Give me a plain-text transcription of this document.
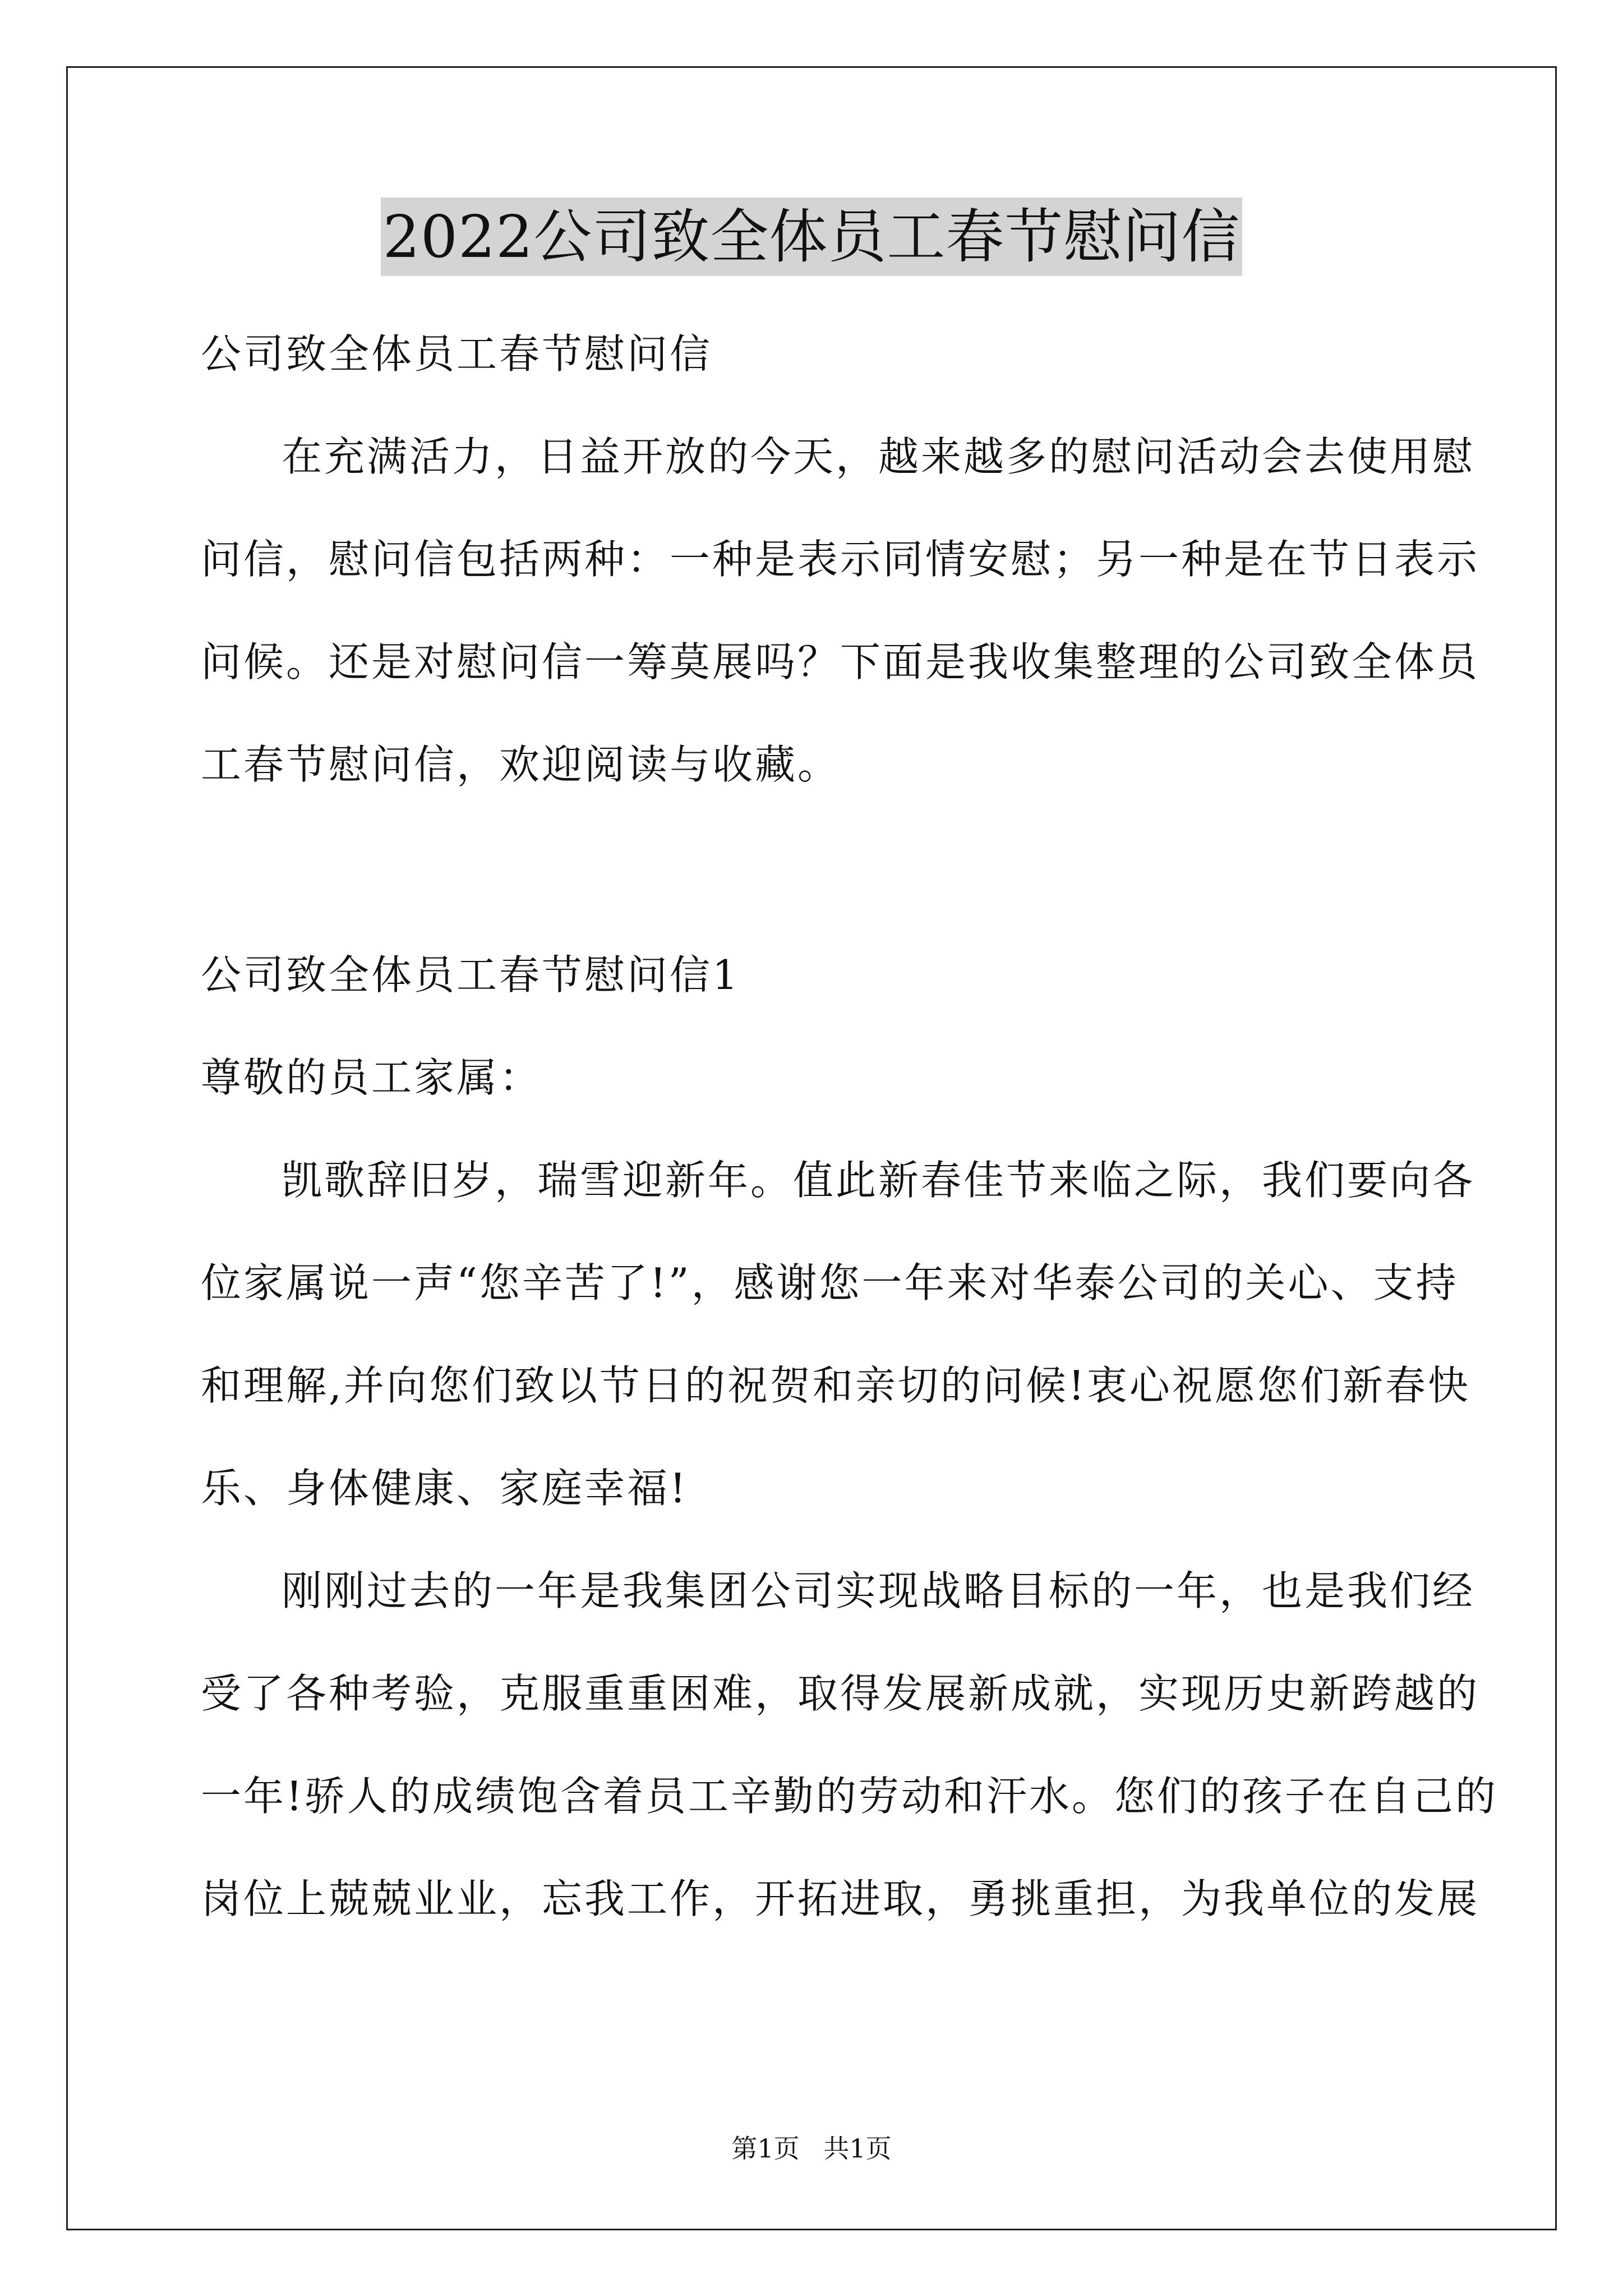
2022公司致全体员工春节慰问信
公司致全体员工春节慰问信
在充满活力，日益开放的今天，越来越多的慰问活动会去使用慰
问信，慰问信包括两种：一种是表示同情安慰；另一种是在节日表示
问候。还是对慰问信一筹莫展吗？下面是我收集整理的公司致全体员
工春节慰问信，欢迎阅读与收藏。
公司致全体员工春节慰问信1
尊敬的员工家属：
凯歌辞旧岁，瑞雪迎新年。值此新春佳节来临之际，我们要向各
位家属说一声“您辛苦了!”，感谢您一年来对华泰公司的关心、支持
和理解,并向您们致以节日的祝贺和亲切的问候!衷心祝愿您们新春快
乐、身体健康、家庭幸福!
刚刚过去的一年是我集团公司实现战略目标的一年，也是我们经
受了各种考验，克服重重困难，取得发展新成就，实现历史新跨越的
一年!骄人的成绩饱含着员工辛勤的劳动和汗水。您们的孩子在自己的
岗位上兢兢业业，忘我工作，开拓进取，勇挑重担，为我单位的发展
第1页 共1页
